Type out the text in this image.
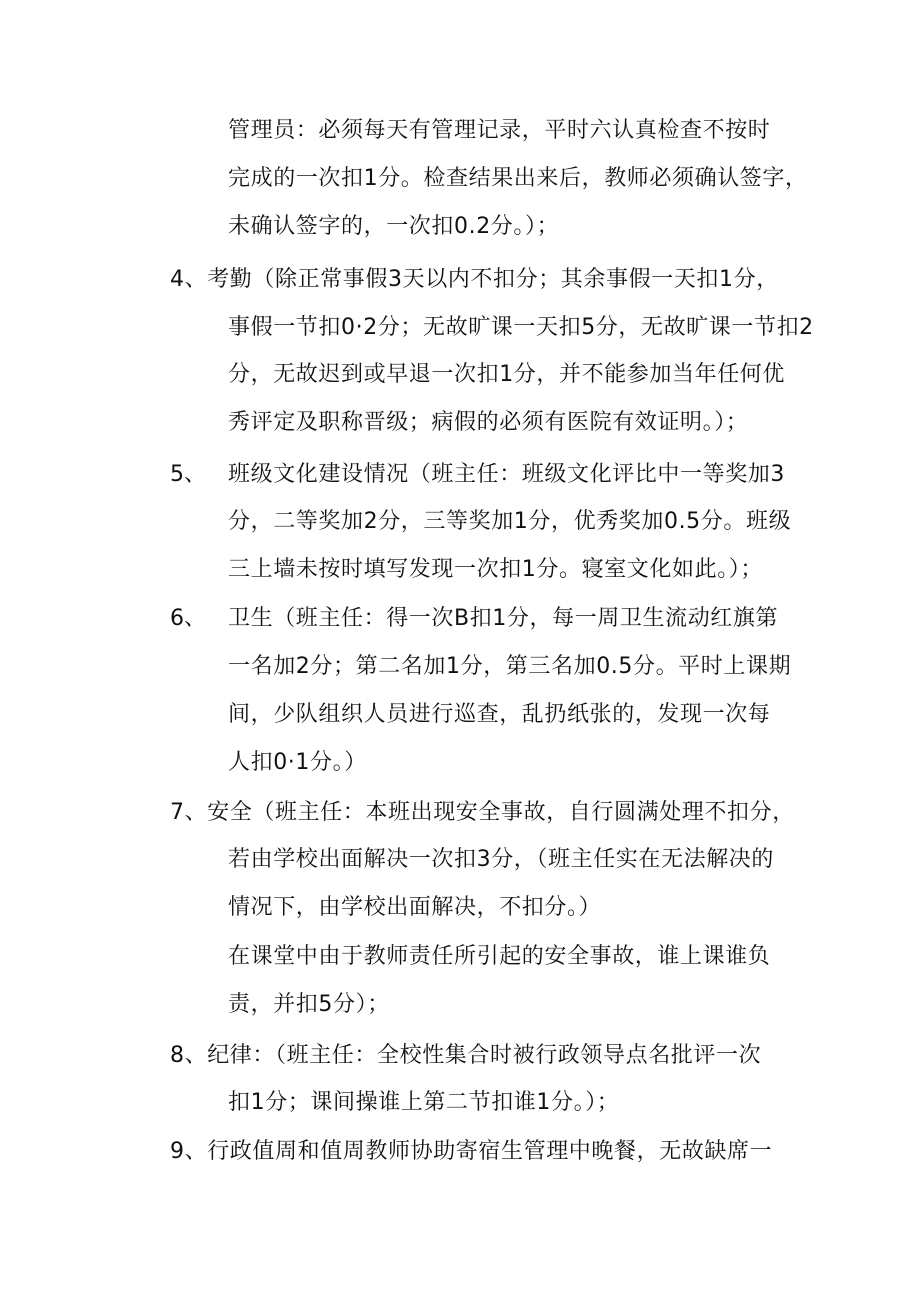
管理员：必须每天有管理记录，平时六认真检查不按时
完成的一次扣1分。检查结果出来后，教师必须确认签字，
未确认签字的，一次扣0.2分。）；
4、考勤（除正常事假3天以内不扣分；其余事假一天扣1分，
事假一节扣0·2分；无故旷课一天扣5分，无故旷课一节扣2
分，无故迟到或早退一次扣1分，并不能参加当年任何优
秀评定及职称晋级；病假的必须有医院有效证明。）；
5、 班级文化建设情况（班主任：班级文化评比中一等奖加3
分，二等奖加2分，三等奖加1分，优秀奖加0.5分。班级
三上墙未按时填写发现一次扣1分。寝室文化如此。）；
6、 卫生（班主任：得一次B扣1分，每一周卫生流动红旗第
一名加2分；第二名加1分，第三名加0.5分。平时上课期
间，少队组织人员进行巡查，乱扔纸张的，发现一次每
人扣0·1分。）
7、安全（班主任：本班出现安全事故，自行圆满处理不扣分，
若由学校出面解决一次扣3分，（班主任实在无法解决的
情况下，由学校出面解决，不扣分。）
在课堂中由于教师责任所引起的安全事故，谁上课谁负
责，并扣5分）；
8、纪律：（班主任：全校性集合时被行政领导点名批评一次
扣1分；课间操谁上第二节扣谁1分。）；
9、行政值周和值周教师协助寄宿生管理中晚餐，无故缺席一
